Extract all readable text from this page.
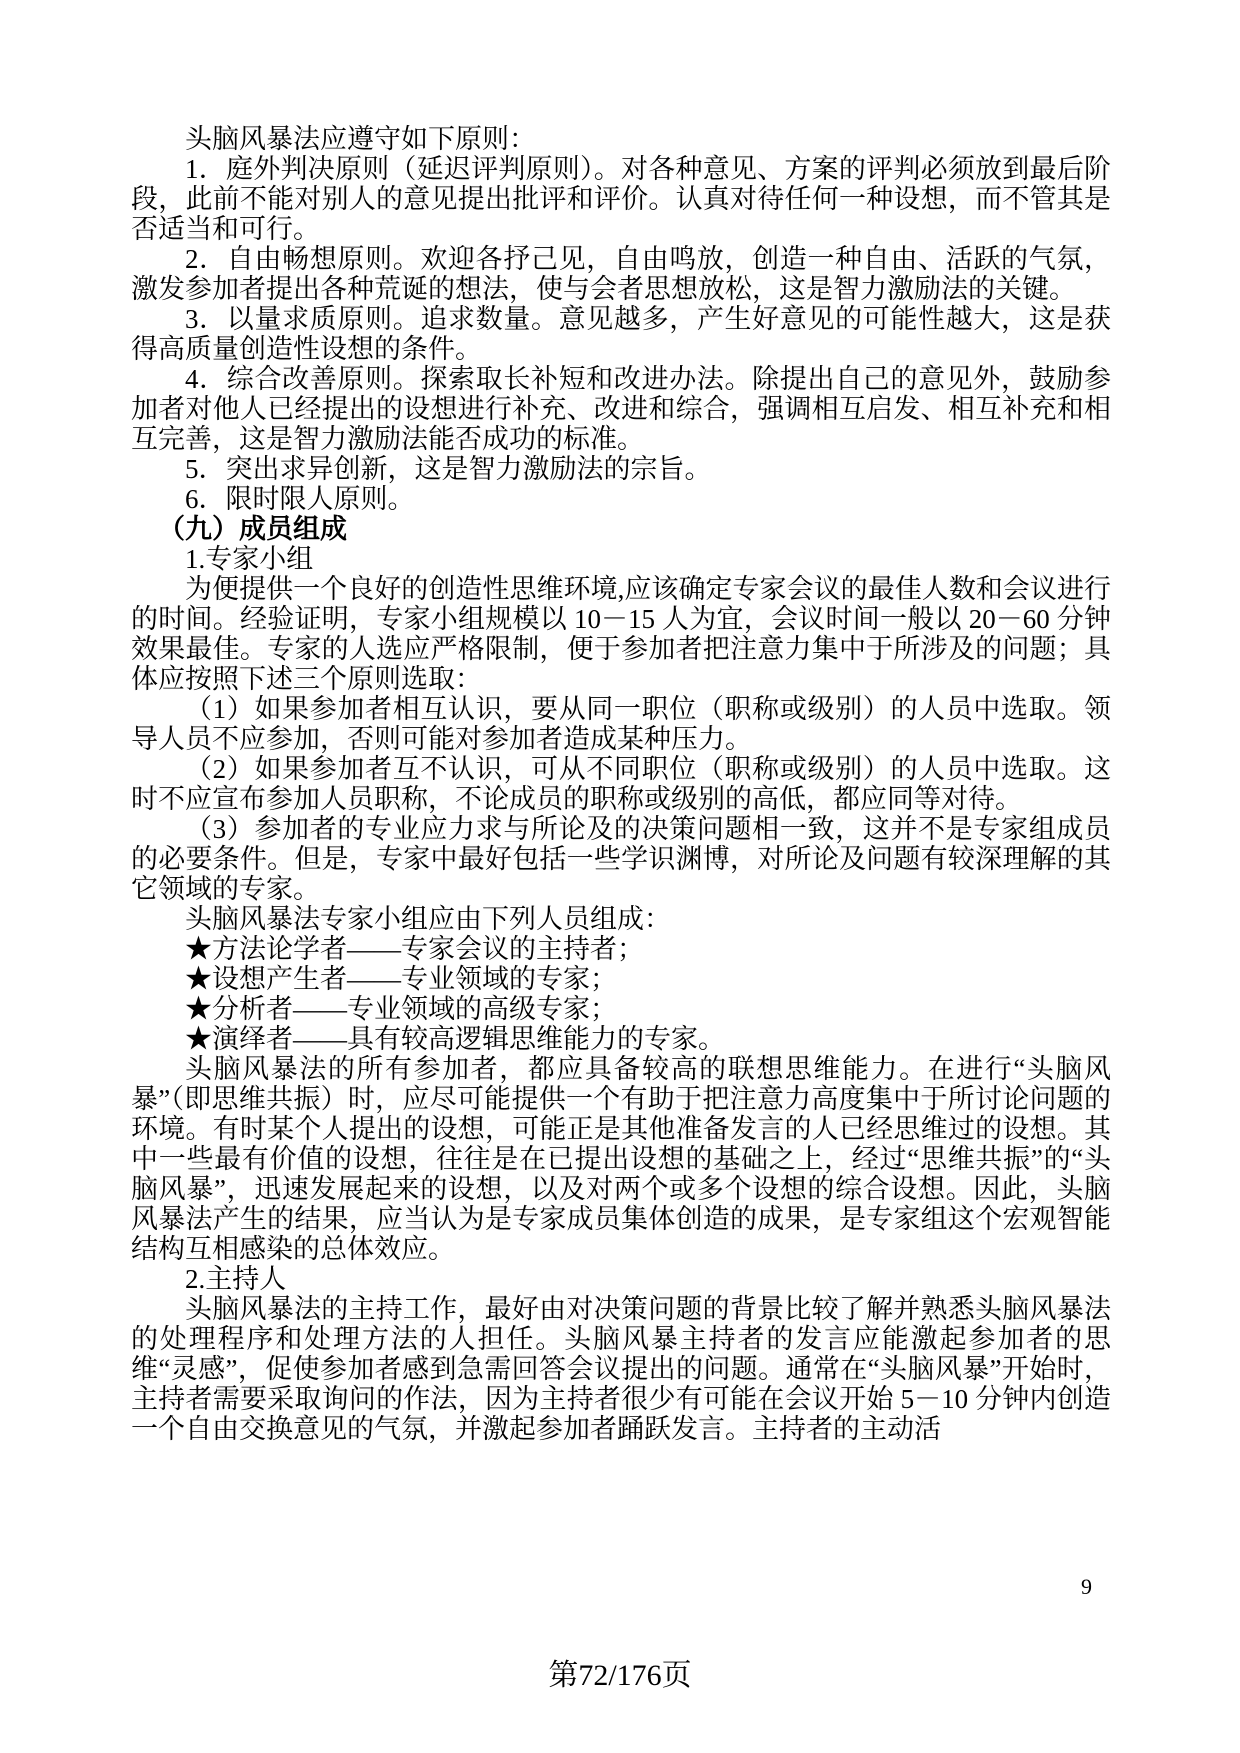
头脑风暴法应遵守如下原则：

1．庭外判决原则（延迟评判原则）。对各种意见、方案的评判必须放到最后阶段，此前不能对别人的意见提出批评和评价。认真对待任何一种设想，而不管其是否适当和可行。

2．自由畅想原则。欢迎各抒己见，自由鸣放，创造一种自由、活跃的气氛，激发参加者提出各种荒诞的想法，使与会者思想放松，这是智力激励法的关键。

3．以量求质原则。追求数量。意见越多，产生好意见的可能性越大，这是获得高质量创造性设想的条件。

4．综合改善原则。探索取长补短和改进办法。除提出自己的意见外，鼓励参加者对他人已经提出的设想进行补充、改进和综合，强调相互启发、相互补充和相互完善，这是智力激励法能否成功的标准。

5．突出求异创新，这是智力激励法的宗旨。

6．限时限人原则。

（九）成员组成

1.专家小组

为便提供一个良好的创造性思维环境,应该确定专家会议的最佳人数和会议进行的时间。经验证明，专家小组规模以 10－15 人为宜，会议时间一般以 20－60 分钟效果最佳。专家的人选应严格限制，便于参加者把注意力集中于所涉及的问题；具体应按照下述三个原则选取：

（1）如果参加者相互认识，要从同一职位（职称或级别）的人员中选取。领导人员不应参加，否则可能对参加者造成某种压力。

（2）如果参加者互不认识，可从不同职位（职称或级别）的人员中选取。这时不应宣布参加人员职称，不论成员的职称或级别的高低，都应同等对待。

（3）参加者的专业应力求与所论及的决策问题相一致，这并不是专家组成员的必要条件。但是，专家中最好包括一些学识渊博，对所论及问题有较深理解的其它领域的专家。

头脑风暴法专家小组应由下列人员组成：

★方法论学者——专家会议的主持者；

★设想产生者——专业领域的专家；

★分析者——专业领域的高级专家；

★演绎者——具有较高逻辑思维能力的专家。

头脑风暴法的所有参加者，都应具备较高的联想思维能力。在进行“头脑风暴”（即思维共振）时，应尽可能提供一个有助于把注意力高度集中于所讨论问题的环境。有时某个人提出的设想，可能正是其他准备发言的人已经思维过的设想。其中一些最有价值的设想，往往是在已提出设想的基础之上，经过“思维共振”的“头脑风暴”，迅速发展起来的设想，以及对两个或多个设想的综合设想。因此，头脑风暴法产生的结果，应当认为是专家成员集体创造的成果，是专家组这个宏观智能结构互相感染的总体效应。

2.主持人

头脑风暴法的主持工作，最好由对决策问题的背景比较了解并熟悉头脑风暴法的处理程序和处理方法的人担任。头脑风暴主持者的发言应能激起参加者的思维“灵感”，促使参加者感到急需回答会议提出的问题。通常在“头脑风暴”开始时，主持者需要采取询问的作法，因为主持者很少有可能在会议开始 5－10 分钟内创造一个自由交换意见的气氛，并激起参加者踊跃发言。主持者的主动活

9
第72/176页
